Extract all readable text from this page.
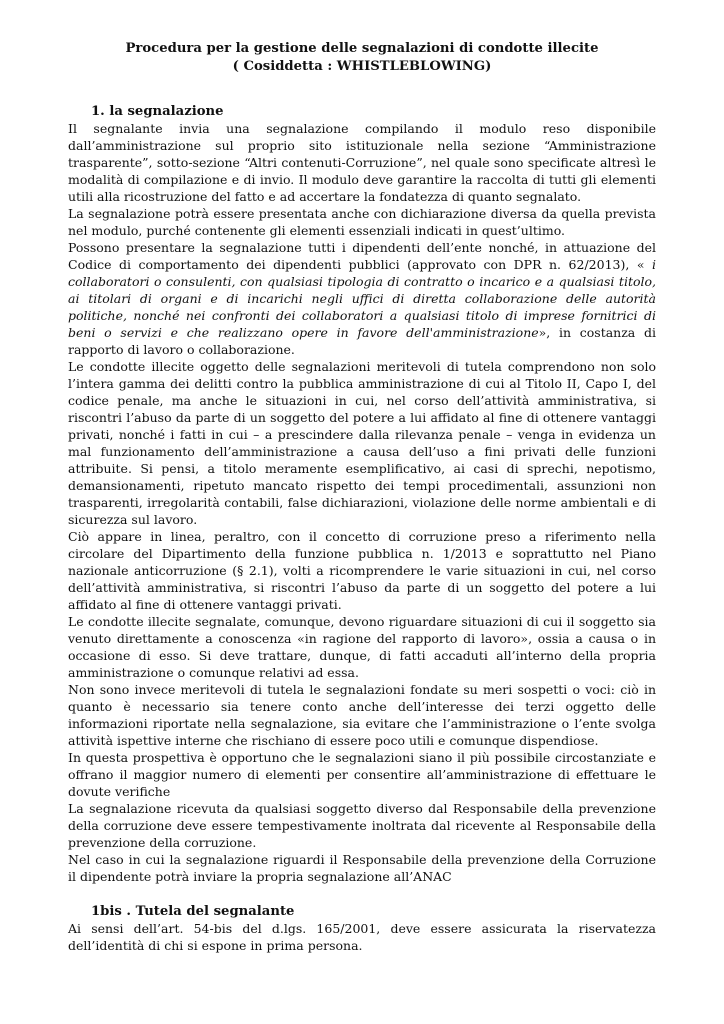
Procedura per la gestione delle segnalazioni di condotte illecite

( Cosiddetta : WHISTLEBLOWING)

1. la segnalazione

Il segnalante invia una segnalazione compilando il modulo reso disponibile dall’amministrazione sul proprio sito istituzionale nella sezione “Amministrazione trasparente”, sotto-sezione “Altri contenuti-Corruzione”, nel quale sono specificate altresì le modalità di compilazione e di invio. Il modulo deve garantire la raccolta di tutti gli elementi utili alla ricostruzione del fatto e ad accertare la fondatezza di quanto segnalato.

La segnalazione potrà essere presentata anche con dichiarazione diversa da quella prevista nel modulo, purché contenente gli elementi essenziali indicati in quest’ultimo.

Possono presentare la segnalazione tutti i dipendenti dell’ente nonché, in attuazione del Codice di comportamento dei dipendenti pubblici (approvato con DPR n. 62/2013), « i collaboratori o consulenti, con qualsiasi tipologia di contratto o incarico e a qualsiasi titolo, ai titolari di organi e di incarichi negli uffici di diretta collaborazione delle autorità politiche, nonché nei confronti dei collaboratori a qualsiasi titolo di imprese fornitrici di beni o servizi e che realizzano opere in favore dell'amministrazione», in costanza di rapporto di lavoro o collaborazione.

Le condotte illecite oggetto delle segnalazioni meritevoli di tutela comprendono non solo l’intera gamma dei delitti contro la pubblica amministrazione di cui al Titolo II, Capo I, del codice penale, ma anche le situazioni in cui, nel corso dell’attività amministrativa, si riscontri l’abuso da parte di un soggetto del potere a lui affidato al fine di ottenere vantaggi privati, nonché i fatti in cui – a prescindere dalla rilevanza penale – venga in evidenza un mal funzionamento dell’amministrazione a causa dell’uso a fini privati delle funzioni attribuite. Si pensi, a titolo meramente esemplificativo, ai casi di sprechi, nepotismo, demansionamenti, ripetuto mancato rispetto dei tempi procedimentali, assunzioni non trasparenti, irregolarità contabili, false dichiarazioni, violazione delle norme ambientali e di sicurezza sul lavoro.

Ciò appare in linea, peraltro, con il concetto di corruzione preso a riferimento nella circolare del Dipartimento della funzione pubblica n. 1/2013 e soprattutto nel Piano nazionale anticorruzione (§ 2.1), volti a ricomprendere le varie situazioni in cui, nel corso dell’attività amministrativa, si riscontri l’abuso da parte di un soggetto del potere a lui affidato al fine di ottenere vantaggi privati.

Le condotte illecite segnalate, comunque, devono riguardare situazioni di cui il soggetto sia venuto direttamente a conoscenza «in ragione del rapporto di lavoro», ossia a causa o in occasione di esso. Si deve trattare, dunque, di fatti accaduti all’interno della propria amministrazione o comunque relativi ad essa.

Non sono invece meritevoli di tutela le segnalazioni fondate su meri sospetti o voci: ciò in quanto è necessario sia tenere conto anche dell’interesse dei terzi oggetto delle informazioni riportate nella segnalazione, sia evitare che l’amministrazione o l’ente svolga attività ispettive interne che rischiano di essere poco utili e comunque dispendiose.

In questa prospettiva è opportuno che le segnalazioni siano il più possibile circostanziate e offrano il maggior numero di elementi per consentire all’amministrazione di effettuare le dovute verifiche

La segnalazione ricevuta da qualsiasi soggetto diverso dal Responsabile della prevenzione della corruzione deve essere tempestivamente inoltrata dal ricevente al Responsabile della prevenzione della corruzione.

Nel caso in cui la segnalazione riguardi il Responsabile della prevenzione della Corruzione il dipendente potrà inviare la propria segnalazione all’ANAC

1bis . Tutela del segnalante

Ai sensi dell’art. 54-bis del d.lgs. 165/2001, deve essere assicurata la riservatezza dell’identità di chi si espone in prima persona.
